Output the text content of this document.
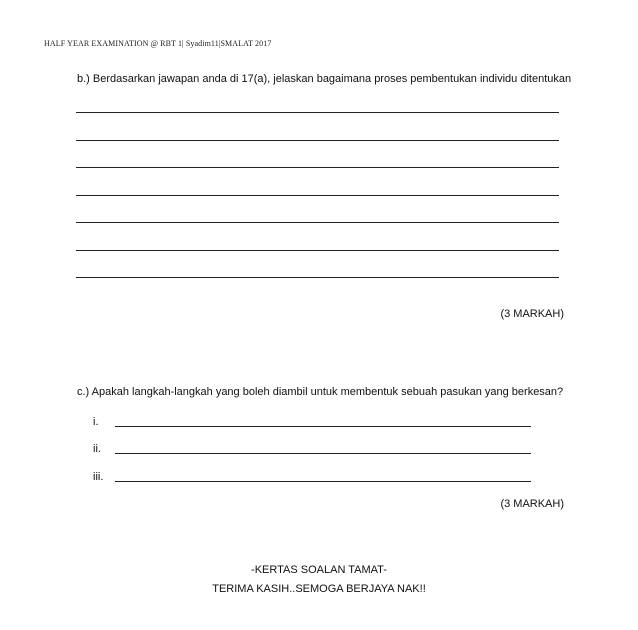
HALF YEAR EXAMINATION @ RBT 1| Syadim11|SMALAT 2017
b.) Berdasarkan jawapan anda di 17(a), jelaskan bagaimana proses pembentukan individu ditentukan
(3 MARKAH)
c.) Apakah langkah-langkah yang boleh diambil untuk membentuk sebuah pasukan yang berkesan?
i.
ii.
iii.
(3 MARKAH)
-KERTAS SOALAN TAMAT-
TERIMA KASIH..SEMOGA BERJAYA NAK!!
